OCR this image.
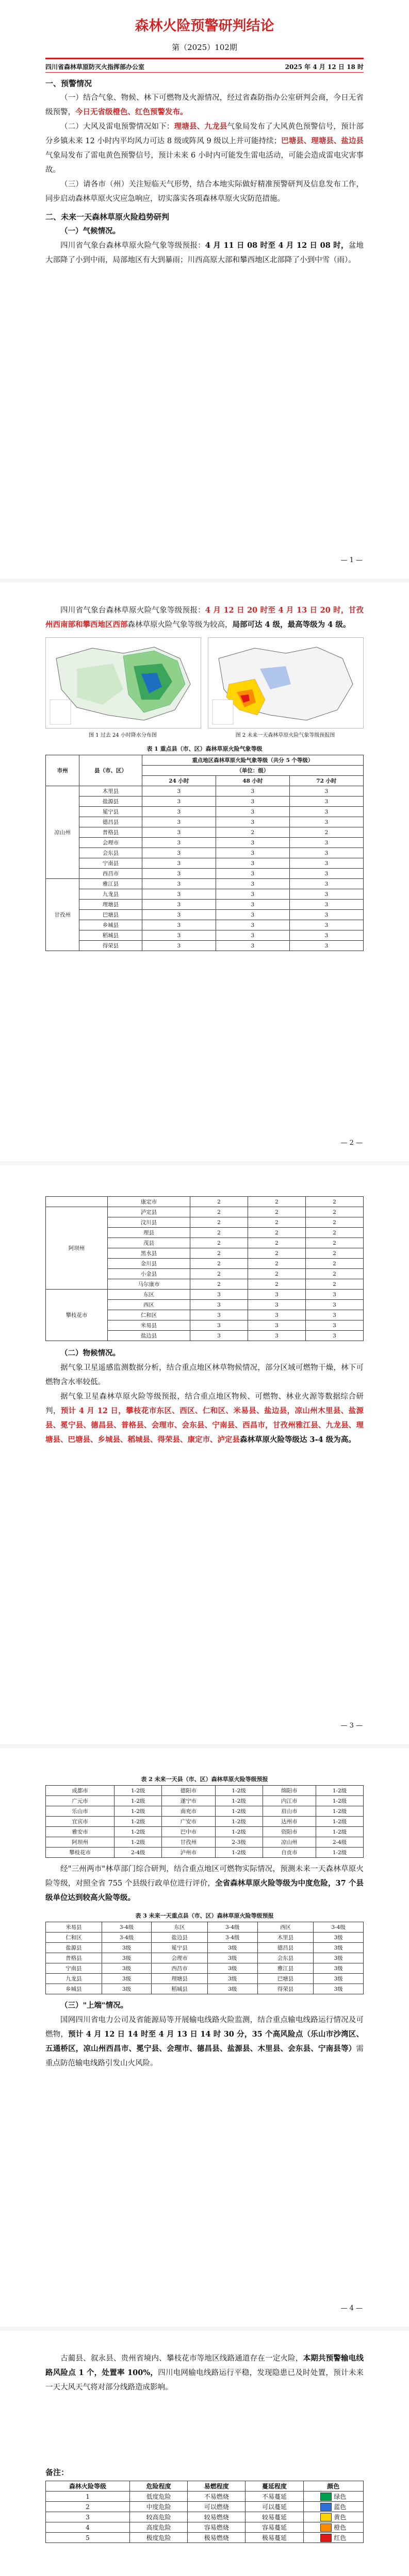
森林火险预警研判结论
第（2025）102期
四川省森林草原防灭火指挥部办公室	2025 年 4 月 12 日 18 时
一、预警情况

（一）结合气象、物候、林下可燃物及火源情况，经过省森防指办公室研判会商，今日无省级预警，今日无省级橙色、红色预警发布。

（二）大风及雷电预警情况如下：理塘县、九龙县气象局发布了大风黄色预警信号，预计部分乡镇未来 12 小时内平均风力可达 8 级或阵风 9 级以上并可能持续；巴塘县、理塘县、盐边县气象局发布了雷电黄色预警信号，预计未来 6 小时内可能发生雷电活动，可能会造成雷电灾害事故。

（三）请各市（州）关注短临天气形势，结合本地实际做好精准预警研判及信息发布工作，同步启动森林草原火灾应急响应，切实落实各项森林草原火灾防范措施。

二、未来一天森林草原火险趋势研判
（一）气候情况。

四川省气象台森林草原火险气象等级预报：4 月 11 日 08 时至 4 月 12 日 08 时，盆地大部降了小到中雨，局部地区有大到暴雨；川西高原大部和攀西地区北部降了小到中雪（雨）。

— 1 —

四川省气象台森林草原火险气象等级预报：4 月 12 日 20 时至 4 月 13 日 20 时，甘孜州西南部和攀西地区西部森林草原火险气象等级为较高，局部可达 4 级，最高等级为 4 级。

图 1 过去 24 小时降水分布图	图 2 未来一天森林草原火险气象等级预报图
表 1 重点县（市、区）森林草原火险气象等级
市州	县（市、区）	重点地区森林草原火险气象等级（共分 5 个等级）		
		（单位：级）		
		24 小时	48 小时	72 小时
凉山州	木里县	3	3	3
	盐源县	3	3	3
	冕宁县	3	3	3
	德昌县	3	3	3
	普格县	3	2	2
	会理市	3	3	3
	会东县	3	3	3
	宁南县	3	3	3
	西昌市	3	3	3
甘孜州	雅江县	3	3	3
	九龙县	3	3	3
	理塘县	3	3	3
	巴塘县	3	3	3
	乡城县	3	3	3
	稻城县	3	3	3
	得荣县	3	3	3
— 2 —
	康定市	2	2	2
阿坝州	泸定县	2	2	2
	汶川县	2	2	2
	理县	2	2	2
	茂县	2	2	2
	黑水县	2	2	2
	金川县	2	2	2
	小金县	2	2	2
	马尔康市	2	2	2
攀枝花市	东区	3	3	3
	西区	3	3	3
	仁和区	3	3	3
	米易县	3	3	3
	盐边县	3	3	3
（二）物候情况。

据气象卫星遥感监测数据分析，结合重点地区林草物候情况，部分区域可燃物干燥，林下可燃物含水率较低。

据气象卫星森林草原火险等级预报，结合重点地区物候、可燃物、林业火源等数据综合研判，预计 4 月 12 日，攀枝花市东区、西区、仁和区、米易县、盐边县，凉山州木里县、盐源县、冕宁县、德昌县、普格县、会理市、会东县、宁南县、西昌市，甘孜州雅江县、九龙县、理塘县、巴塘县、乡城县、稻城县、得荣县、康定市、泸定县森林草原火险等级达 3-4 级为高。

— 3 —
表 2 未来一天县（市、区）森林草原火险等级预报
成都市	1-2级	德阳市	1-2级	绵阳市	1-2级
广元市	1-2级	遂宁市	1-2级	内江市	1-2级
乐山市	1-2级	南充市	1-2级	眉山市	1-2级
宜宾市	1-2级	广安市	1-2级	达州市	1-2级
雅安市	1-2级	巴中市	1-2级	资阳市	1-2级
阿坝州	1-2级	甘孜州	2-3级	凉山州	2-4级
攀枝花市	2-4级	泸州市	1-2级	自贡市	1-2级

经"三州两市"林草部门综合研判，结合重点地区可燃物实际情况，预测未来一天森林草原火险等级，对照全省 755 个县级行政单位进行评价，全省森林草原火险等级为中度危险，37 个县级单位达到较高火险等级。

表 3 未来一天重点县（市、区）森林草原火险等级预报
米易县	3-4级	东区	3-4级	西区	3-4级
仁和区	3-4级	盐边县	3-4级	木里县	3级
盐源县	3级	冕宁县	3级	德昌县	3级
普格县	3级	会理市	3级	会东县	3级
宁南县	3级	西昌市	3级	雅江县	3级
九龙县	3级	理塘县	3级	巴塘县	3级
乡城县	3级	稻城县	3级	得荣县	3级
（三）"上端"情况。

国网四川省电力公司及省能源局等开展输电线路火险监测，结合重点输电线路运行情况及可燃物，预计 4 月 12 日 14 时至 4 月 13 日 14 时 30 分，35 个高风险点（乐山市沙湾区、五通桥区，凉山州西昌市、冕宁县、会理市、德昌县、盐源县、木里县、会东县、宁南县等）需重点防范输电线路引发山火风险。

— 4 —

古蔺县、叙永县、贵州省境内、攀枝花市等地区线路通道存在一定火险，本期共预警输电线路风险点 1 个，处置率 100%，四川电网输电线路运行平稳，发现隐患已及时处置，预计未来一天大风天气将对部分线路造成影响。

备注：
森林火险等级	危险程度	易燃程度	蔓延程度	颜色
1	低度危险	不易燃烧	不易蔓延	绿色
2	中度危险	可以燃烧	可以蔓延	蓝色
3	较高危险	较易燃烧	较易蔓延	黄色
4	高度危险	容易燃烧	容易蔓延	橙色
5	极度危险	极易燃烧	极易蔓延	红色
